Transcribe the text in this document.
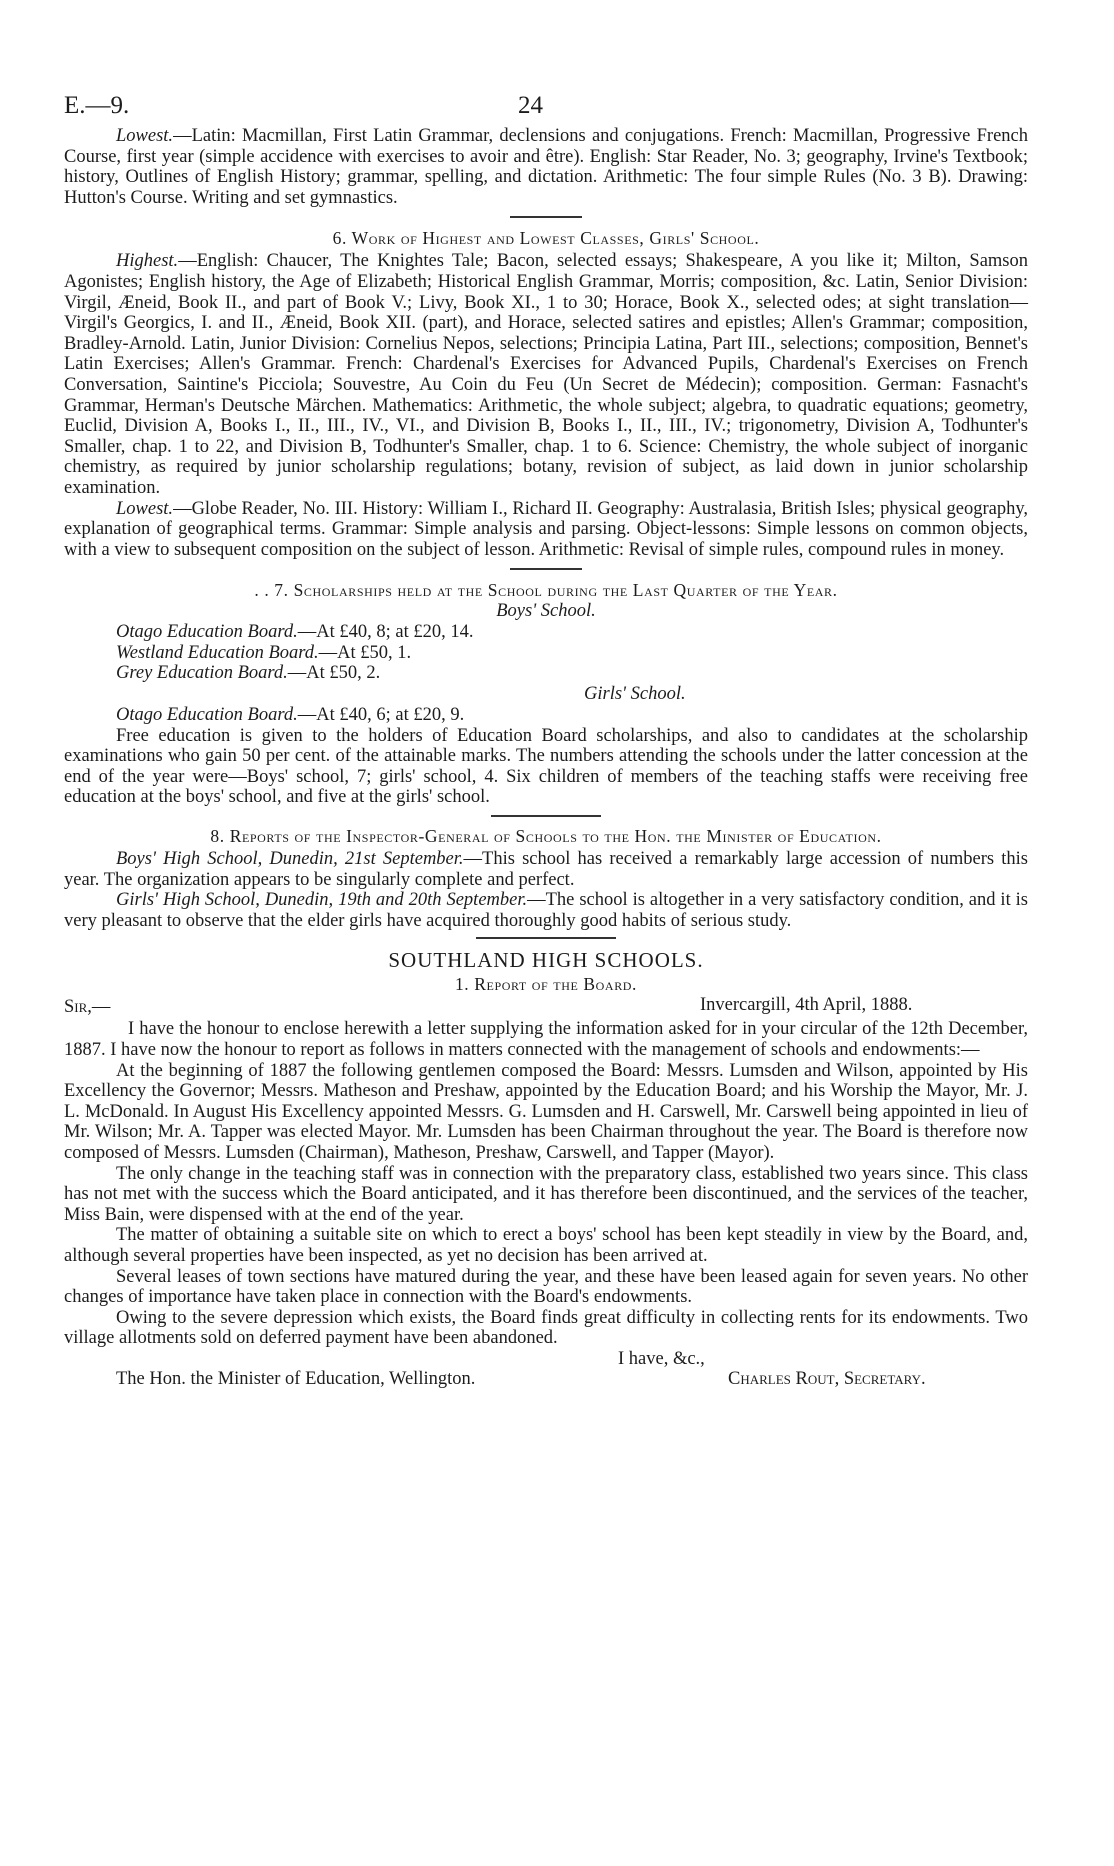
E.—9.	24

Lowest.—Latin: Macmillan, First Latin Grammar, declensions and conjugations. French: Macmillan, Progressive French Course, first year (simple accidence with exercises to avoir and être). English: Star Reader, No. 3; geography, Irvine's Textbook; history, Outlines of English History; grammar, spelling, and dictation. Arithmetic: The four simple Rules (No. 3 B). Drawing: Hutton's Course. Writing and set gymnastics.

6. Work of Highest and Lowest Classes, Girls' School.

Highest.—English: Chaucer, The Knightes Tale; Bacon, selected essays; Shakespeare, A you like it; Milton, Samson Agonistes; English history, the Age of Elizabeth; Historical English Grammar, Morris; composition, &c. Latin, Senior Division: Virgil, Æneid, Book II., and part of Book V.; Livy, Book XI., 1 to 30; Horace, Book X., selected odes; at sight translation—Virgil's Georgics, I. and II., Æneid, Book XII. (part), and Horace, selected satires and epistles; Allen's Grammar; composition, Bradley-Arnold. Latin, Junior Division: Cornelius Nepos, selections; Principia Latina, Part III., selections; composition, Bennet's Latin Exercises; Allen's Grammar. French: Chardenal's Exercises for Advanced Pupils, Chardenal's Exercises on French Conversation, Saintine's Picciola; Souvestre, Au Coin du Feu (Un Secret de Médecin); composition. German: Fasnacht's Grammar, Herman's Deutsche Märchen. Mathematics: Arithmetic, the whole subject; algebra, to quadratic equations; geometry, Euclid, Division A, Books I., II., III., IV., VI., and Division B, Books I., II., III., IV.; trigonometry, Division A, Todhunter's Smaller, chap. 1 to 22, and Division B, Todhunter's Smaller, chap. 1 to 6. Science: Chemistry, the whole subject of inorganic chemistry, as required by junior scholarship regulations; botany, revision of subject, as laid down in junior scholarship examination.

Lowest.—Globe Reader, No. III. History: William I., Richard II. Geography: Australasia, British Isles; physical geography, explanation of geographical terms. Grammar: Simple analysis and parsing. Object-lessons: Simple lessons on common objects, with a view to subsequent composition on the subject of lesson. Arithmetic: Revisal of simple rules, compound rules in money.

. . 7. Scholarships held at the School during the Last Quarter of the Year.

Boys' School.
Otago Education Board.—At £40, 8; at £20, 14.
Westland Education Board.—At £50, 1.
Grey Education Board.—At £50, 2.
Girls' School.
Otago Education Board.—At £40, 6; at £20, 9.

Free education is given to the holders of Education Board scholarships, and also to candidates at the scholarship examinations who gain 50 per cent. of the attainable marks. The numbers attending the schools under the latter concession at the end of the year were—Boys' school, 7; girls' school, 4. Six children of members of the teaching staffs were receiving free education at the boys' school, and five at the girls' school.

8. Reports of the Inspector-General of Schools to the Hon. the Minister of Education.

Boys' High School, Dunedin, 21st September.—This school has received a remarkably large accession of numbers this year. The organization appears to be singularly complete and perfect.

Girls' High School, Dunedin, 19th and 20th September.—The school is altogether in a very satisfactory condition, and it is very pleasant to observe that the elder girls have acquired thoroughly good habits of serious study.

SOUTHLAND HIGH SCHOOLS.

1. Report of the Board.

Sir,—	Invercargill, 4th April, 1888.

I have the honour to enclose herewith a letter supplying the information asked for in your circular of the 12th December, 1887. I have now the honour to report as follows in matters connected with the management of schools and endowments:—

At the beginning of 1887 the following gentlemen composed the Board: Messrs. Lumsden and Wilson, appointed by His Excellency the Governor; Messrs. Matheson and Preshaw, appointed by the Education Board; and his Worship the Mayor, Mr. J. L. McDonald. In August His Excellency appointed Messrs. G. Lumsden and H. Carswell, Mr. Carswell being appointed in lieu of Mr. Wilson; Mr. A. Tapper was elected Mayor. Mr. Lumsden has been Chairman throughout the year. The Board is therefore now composed of Messrs. Lumsden (Chairman), Matheson, Preshaw, Carswell, and Tapper (Mayor).

The only change in the teaching staff was in connection with the preparatory class, established two years since. This class has not met with the success which the Board anticipated, and it has therefore been discontinued, and the services of the teacher, Miss Bain, were dispensed with at the end of the year.

The matter of obtaining a suitable site on which to erect a boys' school has been kept steadily in view by the Board, and, although several properties have been inspected, as yet no decision has been arrived at.

Several leases of town sections have matured during the year, and these have been leased again for seven years. No other changes of importance have taken place in connection with the Board's endowments.

Owing to the severe depression which exists, the Board finds great difficulty in collecting rents for its endowments. Two village allotments sold on deferred payment have been abandoned.

I have, &c.,
The Hon. the Minister of Education, Wellington.	Charles Rout, Secretary.
